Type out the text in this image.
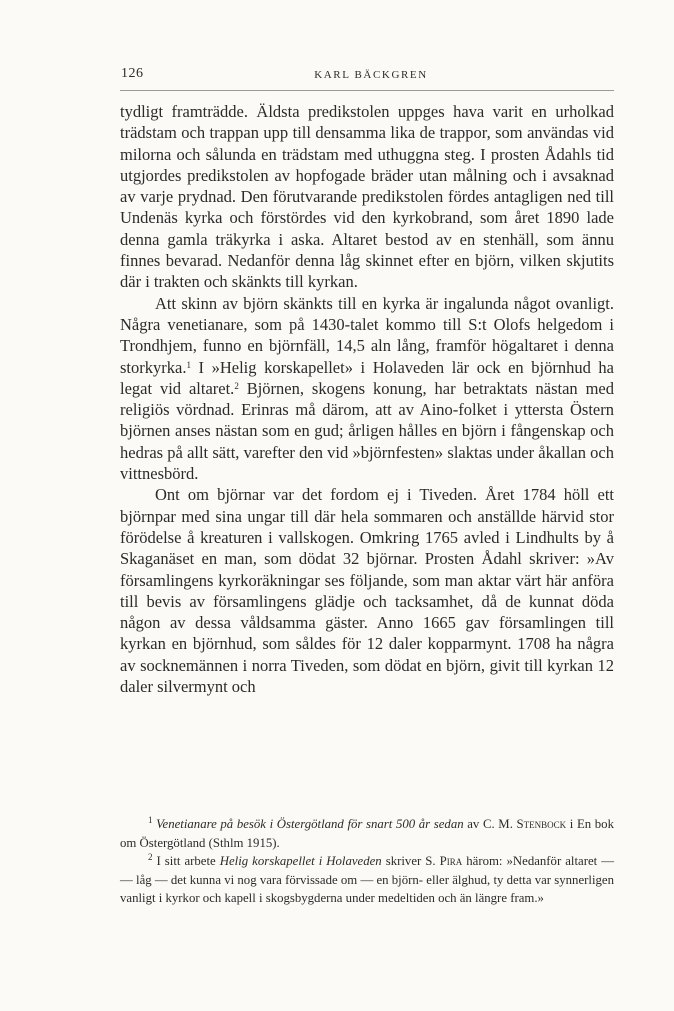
126	KARL BÄCKGREN

tydligt framträdde. Äldsta predikstolen uppges hava varit en urholkad trädstam och trappan upp till densamma lika de trappor, som användas vid milorna och sålunda en trädstam med uthuggna steg. I prosten Ådahls tid utgjordes predikstolen av hopfogade bräder utan målning och i avsaknad av varje prydnad. Den förutvarande predikstolen fördes antagligen ned till Undenäs kyrka och förstördes vid den kyrkobrand, som året 1890 lade denna gamla träkyrka i aska. Altaret bestod av en stenhäll, som ännu finnes bevarad. Nedanför denna låg skinnet efter en björn, vilken skjutits där i trakten och skänkts till kyrkan.

Att skinn av björn skänkts till en kyrka är ingalunda något ovanligt. Några venetianare, som på 1430-talet kommo till S:t Olofs helgedom i Trondhjem, funno en björnfäll, 14,5 aln lång, framför högaltaret i denna storkyrka.$^1$ I »Helig korskapellet» i Holaveden lär ock en björnhud ha legat vid altaret.$^2$ Björnen, skogens konung, har betraktats nästan med religiös vördnad. Erinras må därom, att av Aino-folket i yttersta Östern björnen anses nästan som en gud; årligen hålles en björn i fångenskap och hedras på allt sätt, varefter den vid »björnfesten» slaktas under åkallan och vittnesbörd.

Ont om björnar var det fordom ej i Tiveden. Året 1784 höll ett björnpar med sina ungar till där hela sommaren och anställde härvid stor förödelse å kreaturen i vallskogen. Omkring 1765 avled i Lindhults by å Skaganäset en man, som dödat 32 björnar. Prosten Ådahl skriver: »Av församlingens kyrkoräkningar ses följande, som man aktar värt här anföra till bevis av församlingens glädje och tacksamhet, då de kunnat döda någon av dessa våldsamma gäster. Anno 1665 gav församlingen till kyrkan en björnhud, som såldes för 12 daler kopparmynt. 1708 ha några av socknemännen i norra Tiveden, som dödat en björn, givit till kyrkan 12 daler silvermynt och

$^1$ Venetianare på besök i Östergötland för snart 500 år sedan av C. M. Stenbock i En bok om Östergötland (Sthlm 1915).

$^2$ I sitt arbete Helig korskapellet i Holaveden skriver S. Pira härom: »Nedanför altaret — — låg — det kunna vi nog vara förvissade om — en björn- eller älghud, ty detta var synnerligen vanligt i kyrkor och kapell i skogsbygderna under medeltiden och än längre fram.»
